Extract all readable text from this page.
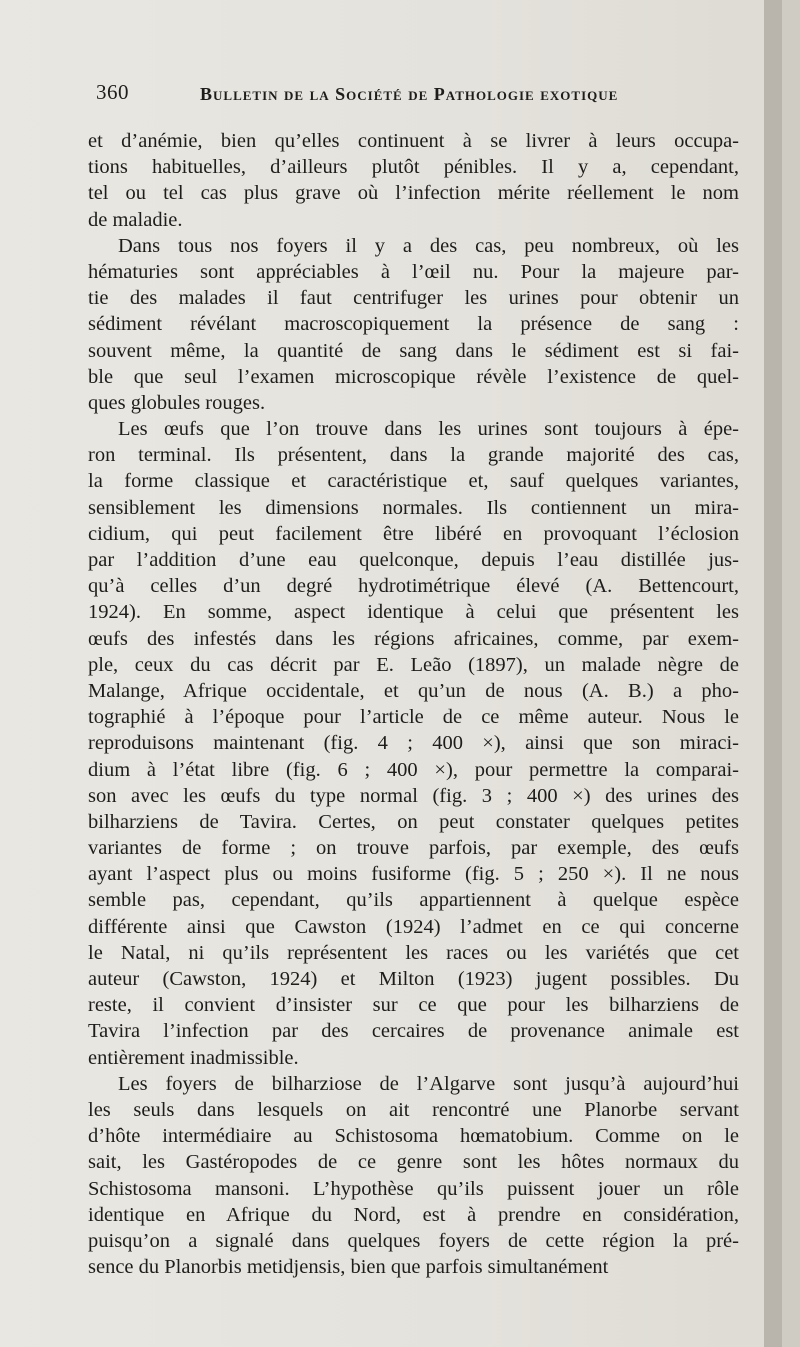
360	Bulletin de la Société de Pathologie exotique
et d’anémie, bien qu’elles continuent à se livrer à leurs occupa-
tions habituelles, d’ailleurs plutôt pénibles. Il y a, cependant,
tel ou tel cas plus grave où l’infection mérite réellement le nom
de maladie.
Dans tous nos foyers il y a des cas, peu nombreux, où les
hématuries sont appréciables à l’œil nu. Pour la majeure par-
tie des malades il faut centrifuger les urines pour obtenir un
sédiment révélant macroscopiquement la présence de sang :
souvent même, la quantité de sang dans le sédiment est si fai-
ble que seul l’examen microscopique révèle l’existence de quel-
ques globules rouges.
Les œufs que l’on trouve dans les urines sont toujours à épe-
ron terminal. Ils présentent, dans la grande majorité des cas,
la forme classique et caractéristique et, sauf quelques variantes,
sensiblement les dimensions normales. Ils contiennent un mira-
cidium, qui peut facilement être libéré en provoquant l’éclosion
par l’addition d’une eau quelconque, depuis l’eau distillée jus-
qu’à celles d’un degré hydrotimétrique élevé (A. Bettencourt,
1924). En somme, aspect identique à celui que présentent les
œufs des infestés dans les régions africaines, comme, par exem-
ple, ceux du cas décrit par E. Leão (1897), un malade nègre de
Malange, Afrique occidentale, et qu’un de nous (A. B.) a pho-
tographié à l’époque pour l’article de ce même auteur. Nous le
reproduisons maintenant (fig. 4 ; 400 ×), ainsi que son miraci-
dium à l’état libre (fig. 6 ; 400 ×), pour permettre la comparai-
son avec les œufs du type normal (fig. 3 ; 400 ×) des urines des
bilharziens de Tavira. Certes, on peut constater quelques petites
variantes de forme ; on trouve parfois, par exemple, des œufs
ayant l’aspect plus ou moins fusiforme (fig. 5 ; 250 ×). Il ne nous
semble pas, cependant, qu’ils appartiennent à quelque espèce
différente ainsi que Cawston (1924) l’admet en ce qui concerne
le Natal, ni qu’ils représentent les races ou les variétés que cet
auteur (Cawston, 1924) et Milton (1923) jugent possibles. Du
reste, il convient d’insister sur ce que pour les bilharziens de
Tavira l’infection par des cercaires de provenance animale est
entièrement inadmissible.
Les foyers de bilharziose de l’Algarve sont jusqu’à aujourd’hui
les seuls dans lesquels on ait rencontré une Planorbe servant
d’hôte intermédiaire au Schistosoma hœmatobium. Comme on le
sait, les Gastéropodes de ce genre sont les hôtes normaux du
Schistosoma mansoni. L’hypothèse qu’ils puissent jouer un rôle
identique en Afrique du Nord, est à prendre en considération,
puisqu’on a signalé dans quelques foyers de cette région la pré-
sence du Planorbis metidjensis, bien que parfois simultanément
